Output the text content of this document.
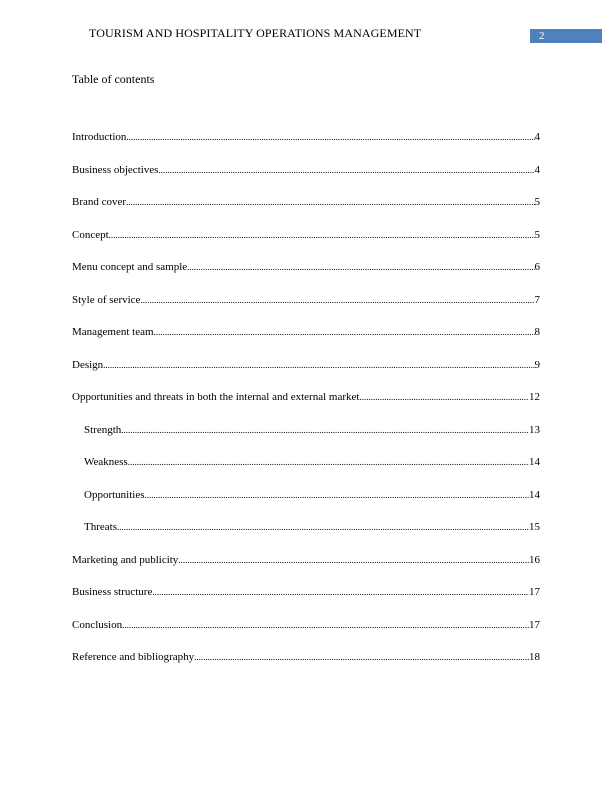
TOURISM AND HOSPITALITY OPERATIONS MANAGEMENT	2
Table of contents
Introduction .....	4
Business objectives .....	4
Brand cover .....	5
Concept .....	5
Menu concept and sample .....	6
Style of service .....	7
Management team .....	8
Design .....	9
Opportunities and threats in both the internal and external market .....	12
Strength .....	13
Weakness .....	14
Opportunities .....	14
Threats .....	15
Marketing and publicity .....	16
Business structure .....	17
Conclusion .....	17
Reference and bibliography .....	18
